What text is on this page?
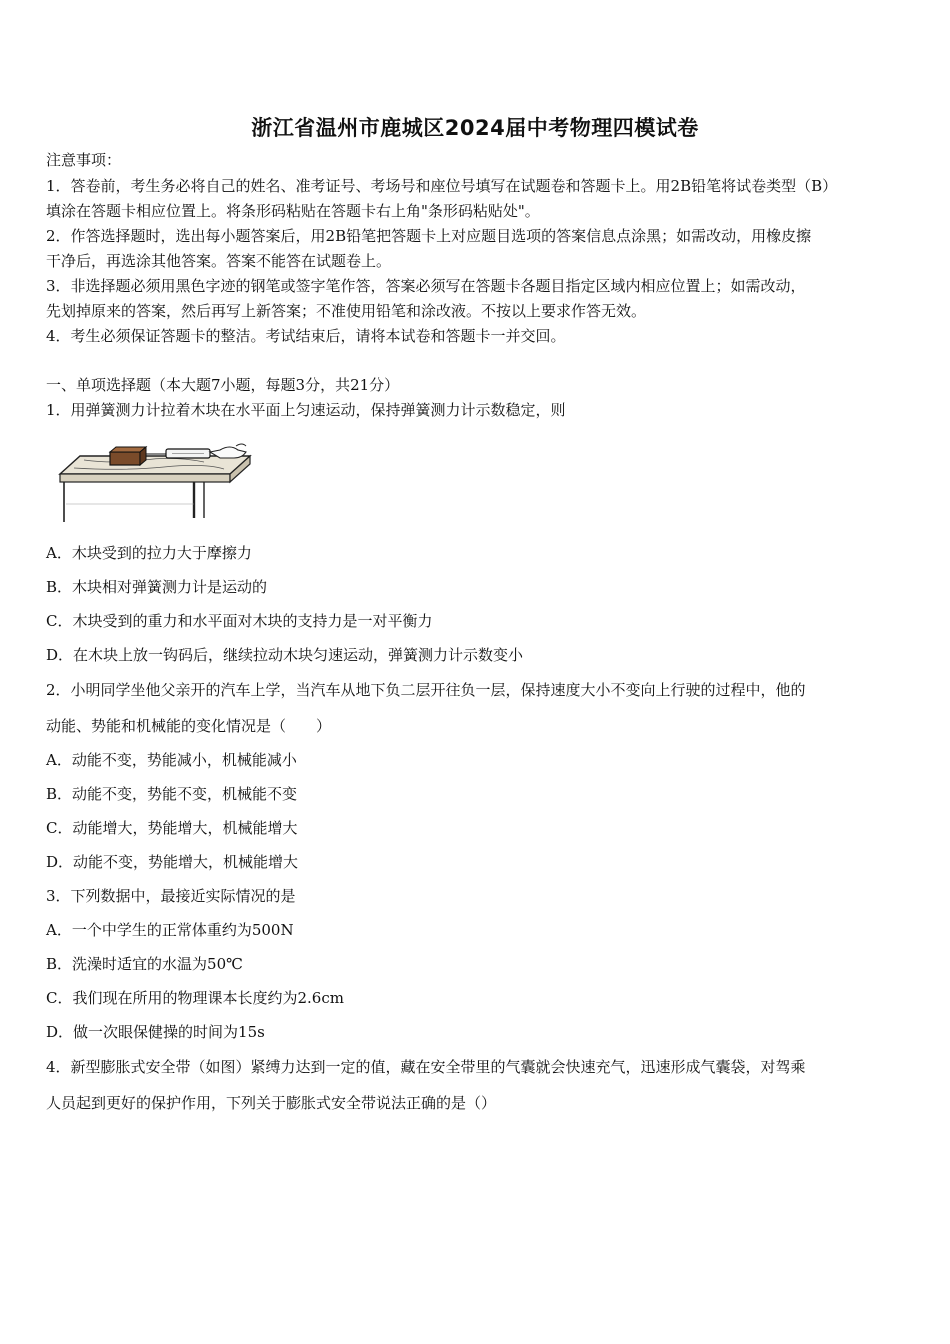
浙江省温州市鹿城区2024届中考物理四模试卷
注意事项：
1．答卷前，考生务必将自己的姓名、准考证号、考场号和座位号填写在试题卷和答题卡上。用2B铅笔将试卷类型（B）
填涂在答题卡相应位置上。将条形码粘贴在答题卡右上角"条形码粘贴处"。
2．作答选择题时，选出每小题答案后，用2B铅笔把答题卡上对应题目选项的答案信息点涂黑；如需改动，用橡皮擦
干净后，再选涂其他答案。答案不能答在试题卷上。
3．非选择题必须用黑色字迹的钢笔或签字笔作答，答案必须写在答题卡各题目指定区域内相应位置上；如需改动，
先划掉原来的答案，然后再写上新答案；不准使用铅笔和涂改液。不按以上要求作答无效。
4．考生必须保证答题卡的整洁。考试结束后，请将本试卷和答题卡一并交回。
一、单项选择题（本大题7小题，每题3分，共21分）
1．用弹簧测力计拉着木块在水平面上匀速运动，保持弹簧测力计示数稳定，则
A．木块受到的拉力大于摩擦力
B．木块相对弹簧测力计是运动的
C．木块受到的重力和水平面对木块的支持力是一对平衡力
D．在木块上放一钩码后，继续拉动木块匀速运动，弹簧测力计示数变小
2．小明同学坐他父亲开的汽车上学，当汽车从地下负二层开往负一层，保持速度大小不变向上行驶的过程中，他的
动能、势能和机械能的变化情况是（　　）
A．动能不变，势能减小，机械能减小
B．动能不变，势能不变，机械能不变
C．动能增大，势能增大，机械能增大
D．动能不变，势能增大，机械能增大
3．下列数据中，最接近实际情况的是
A．一个中学生的正常体重约为500N
B．洗澡时适宜的水温为50℃
C．我们现在所用的物理课本长度约为2.6cm
D．做一次眼保健操的时间为15s
4．新型膨胀式安全带（如图）紧缚力达到一定的值，藏在安全带里的气囊就会快速充气，迅速形成气囊袋，对驾乘
人员起到更好的保护作用，下列关于膨胀式安全带说法正确的是（）
